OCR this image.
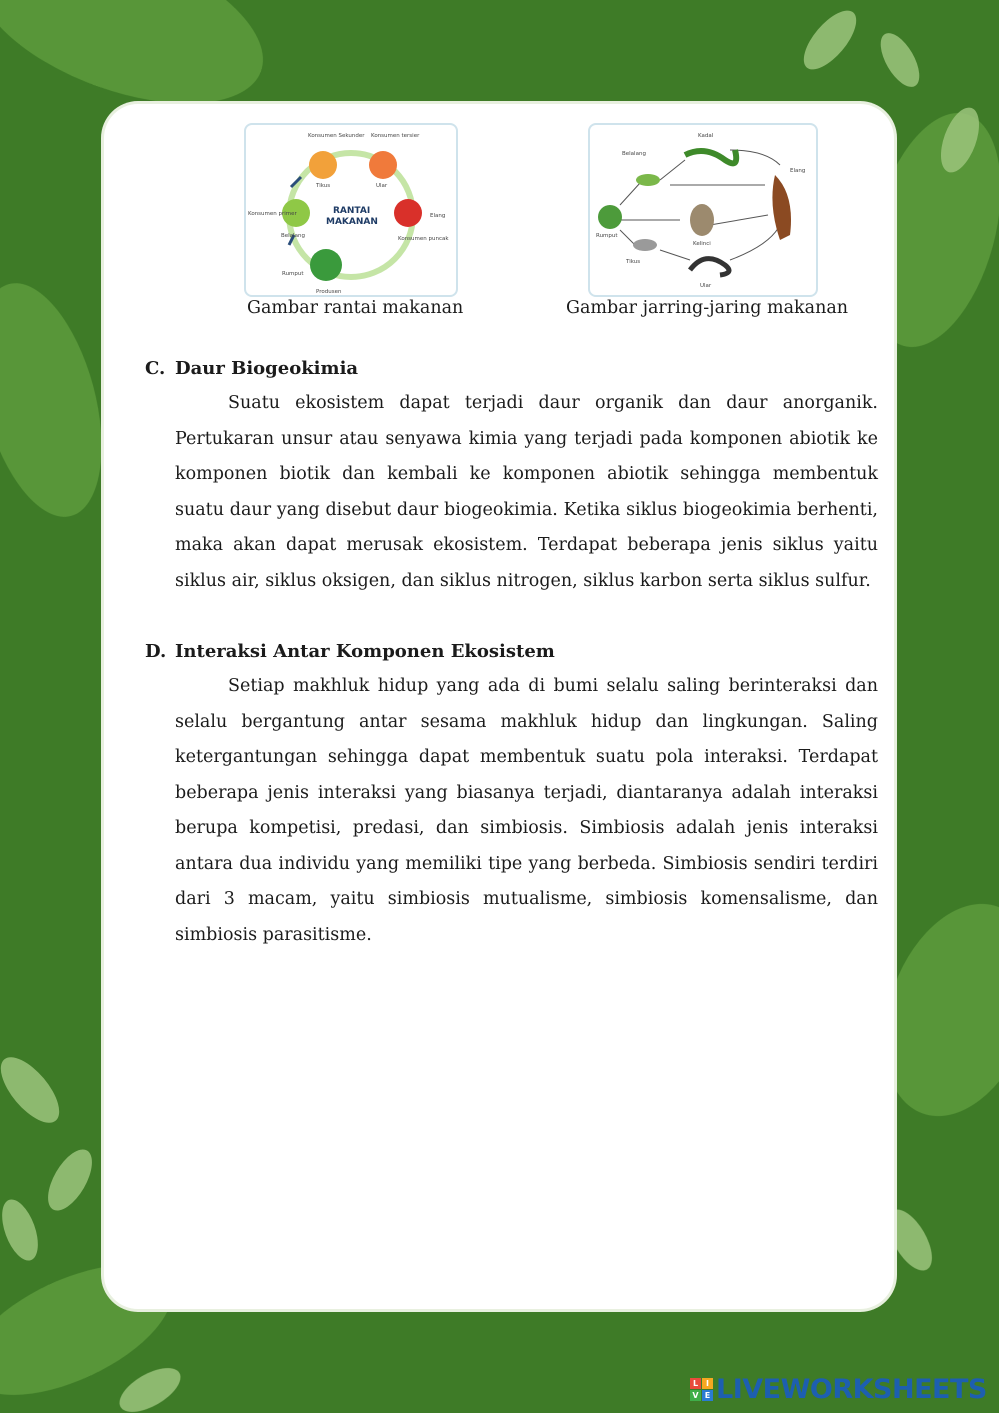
Konsumen Sekunder Konsumen tersier
Konsumen primer
Konsumen puncak
Produsen
Tikus	Ular
Elang
Belalang
Rumput
RANTAI
MAKANAN
Kadal
Belalang
Elang
Rumput
Kelinci
Tikus
Ular
Gambar rantai makanan	Gambar jarring-jaring makanan
C. Daur Biogeokimia
Suatu ekosistem dapat terjadi daur organik dan daur anorganik. Pertukaran unsur atau senyawa kimia yang terjadi pada komponen abiotik ke komponen biotik dan kembali ke komponen abiotik sehingga membentuk suatu daur yang disebut daur biogeokimia. Ketika siklus biogeokimia berhenti, maka akan dapat merusak ekosistem. Terdapat beberapa jenis siklus yaitu siklus air, siklus oksigen, dan siklus nitrogen, siklus karbon serta siklus sulfur.
D. Interaksi Antar Komponen Ekosistem
Setiap makhluk hidup yang ada di bumi selalu saling berinteraksi dan selalu bergantung antar sesama makhluk hidup dan lingkungan. Saling ketergantungan sehingga dapat membentuk suatu pola interaksi. Terdapat beberapa jenis interaksi yang biasanya terjadi, diantaranya adalah interaksi berupa kompetisi, predasi, dan simbiosis. Simbiosis adalah jenis interaksi antara dua individu yang memiliki tipe yang berbeda. Simbiosis sendiri terdiri dari 3 macam, yaitu simbiosis mutualisme, simbiosis komensalisme, dan simbiosis parasitisme.
L I
V E LIVEWORKSHEETS
